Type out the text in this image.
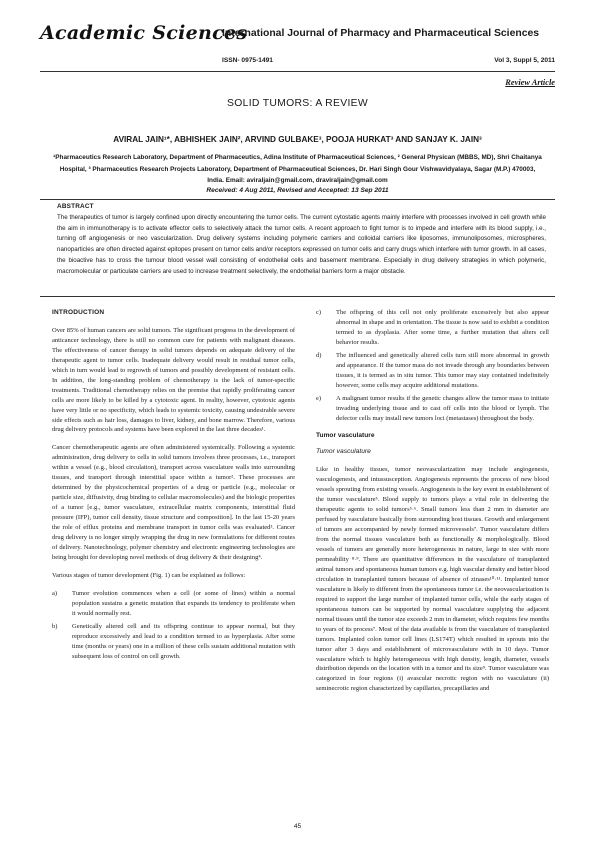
Academic Sciences
International Journal of Pharmacy and Pharmaceutical Sciences
ISSN- 0975-1491	Vol 3, Suppl 5, 2011
Review Article
SOLID TUMORS: A REVIEW
AVIRAL JAIN¹*, ABHISHEK JAIN², ARVIND GULBAKE³, POOJA HURKAT³ AND SANJAY K. JAIN³
¹Pharmaceutics Research Laboratory, Department of Pharmaceutics, Adina Institute of Pharmaceutical Sciences, ² General Physican (MBBS, MD), Shri Chaitanya Hospital, ³ Pharmaceutics Research Projects Laboratory, Department of Pharmaceutical Sciences, Dr. Hari Singh Gour Vishwavidyalaya, Sagar (M.P.) 470003, India. Email: aviraljain@gmail.com, draviraljain@gmail.com
Received: 4 Aug 2011, Revised and Accepted: 13 Sep 2011
ABSTRACT

The therapeutics of tumor is largely confined upon directly encountering the tumor cells. The current cytostatic agents mainly interfere with processes involved in cell growth while the aim in immunotherapy is to activate effector cells to selectively attack the tumor cells. A recent approach to fight tumor is to impede and interfere with its blood supply, i.e., turning off angiogenesis or neo vascularization. Drug delivery systems including polymeric carriers and colloidal carriers like liposomes, immunoliposomes, microspheres, nanoparticles are often directed against epitopes present on tumor cells and/or receptors expressed on tumor cells and carry drugs which interfere with tumor growth. In all cases, the bioactive has to cross the tumour blood vessel wall consisting of endothelial cells and basement membrane. Especially in drug delivery strategies in which polymeric, macromolecular or particulate carriers are used to increase treatment selectively, the endothelial barriers form a major obstacle.

INTRODUCTION

Over 85% of human cancers are solid tumors. The significant progress in the development of anticancer technology, there is still no common cure for patients with malignant diseases. The effectiveness of cancer therapy in solid tumors depends on adequate delivery of the therapeutic agent to tumor cells. Inadequate delivery would result in residual tumor cells, which in turn would lead to regrowth of tumors and possibly development of resistant cells. In addition, the long-standing problem of chemotherapy is the lack of tumor-specific treatments. Traditional chemotherapy relies on the premise that rapidly proliferating cancer cells are more likely to be killed by a cytotoxic agent. In reality, however, cytotoxic agents have very little or no specificity, which leads to systemic toxicity, causing undesirable severe side effects such as hair loss, damages to liver, kidney, and bone marrow. Therefore, various drug delivery protocols and systems have been explored in the last three decades¹.

Cancer chemotherapeutic agents are often administered systemically. Following a systemic administration, drug delivery to cells in solid tumors involves three processes, i.e., transport within a vessel (e.g., blood circulation), transport across vasculature walls into surrounding tissues, and transport through interstitial space within a tumor². These processes are determined by the physicochemical properties of a drug or particle (e.g., molecular or particle size, diffusivity, drug binding to cellular macromolecules) and the biologic properties of a tumor [e.g., tumor vasculature, extracellular matrix components, interstitial fluid pressure (IFP), tumor cell density, tissue structure and composition]. In the last 15-20 years the role of efflux proteins and membrane transport in tumor cells was evaluated³. Cancer drug delivery is no longer simply wrapping the drug in new formulations for different routes of delivery. Nanotechnology, polymer chemistry and electronic engineering technologies are being brought for developing novel methods of drug delivery & their designing⁴.

Various stages of tumor development (Fig. 1) can be explained as follows:

a)	Tumor evolution commences when a cell (or some of lines) within a normal population sustains a genetic mutation that expands its tendency to proliferate when it would normally rest.
b)	Genetically altered cell and its offspring continue to appear normal, but they reproduce excessively and lead to a condition termed to as hyperplasia. After some time (months or years) one in a million of these cells sustain additional mutation with subsequent loss of control on cell growth.
c)	The offspring of this cell not only proliferate excessively but also appear abnormal in shape and in orientation. The tissue is now said to exhibit a condition termed to as dysplasia. After some time, a further mutation that alters cell behavior results.
d)	The influenced and genetically altered cells turn still more abnormal in growth and appearance. If the tumor mass do not invade through any boundaries between tissues, it is termed as in situ tumor. This tumor may stay contained indefinitely however, some cells may acquire additional mutations.
e)	A malignant tumor results if the genetic changes allow the tumor mass to initiate invading underlying tissue and to cast off cells into the blood or lymph. The defector cells may install new tumors loci (metastases) throughout the body.
Tumor vasculature
Tumor vasculature

Like in healthy tissues, tumor neovascularization may include angiogenesis, vasculogenesis, and intussusception. Angiogenesis represents the process of new blood vessels sprouting from existing vessels. Angiogenesis is the key event in establishment of the tumor vasculature⁵. Blood supply to tumors plays a vital role in delivering the therapeutic agents to solid tumors⁵·⁶. Small tumors less than 2 mm in diameter are perfused by vasculature basically from surrounding host tissues. Growth and enlargement of tumors are accompanied by newly formed microvessels⁷. Tumor vasculature differs from the normal tissues vasculature both as functionally & morphologically. Blood vessels of tumors are generally more heterogeneous in nature, large in size with more permeability ⁸·⁹. There are quantitative differences in the vasculature of transplanted animal tumors and spontaneous human tumors e.g. high vascular density and better blood circulation in transplanted tumors because of absence of zinases¹⁰·¹¹. Implanted tumor vasculature is likely to different from the spontaneous tumor i.e. the neovascularization is required to support the large number of implanted tumor cells, while the early stages of spontaneous tumors can be supported by normal vasculature supplying the adjacent normal tissues until the tumor size exceeds 2 mm in diameter, which requires few months to years of its process⁷. Most of the data available is from the vasculature of transplanted tumors. Implanted colon tumor cell lines (LS174T) which resulted in sprouts into the tumor after 3 days and establishment of microvasculature with in 10 days. Tumor vasculature which is highly heterogeneous with high density, length, diameter, vessels distribution depends on the location with in a tumor and its size⁹. Tumor vasculature was categorized in four regions (i) avascular necrotic region with no vasculature (ii) seminecrotic region characterized by capillaries, precapillaries and

45
